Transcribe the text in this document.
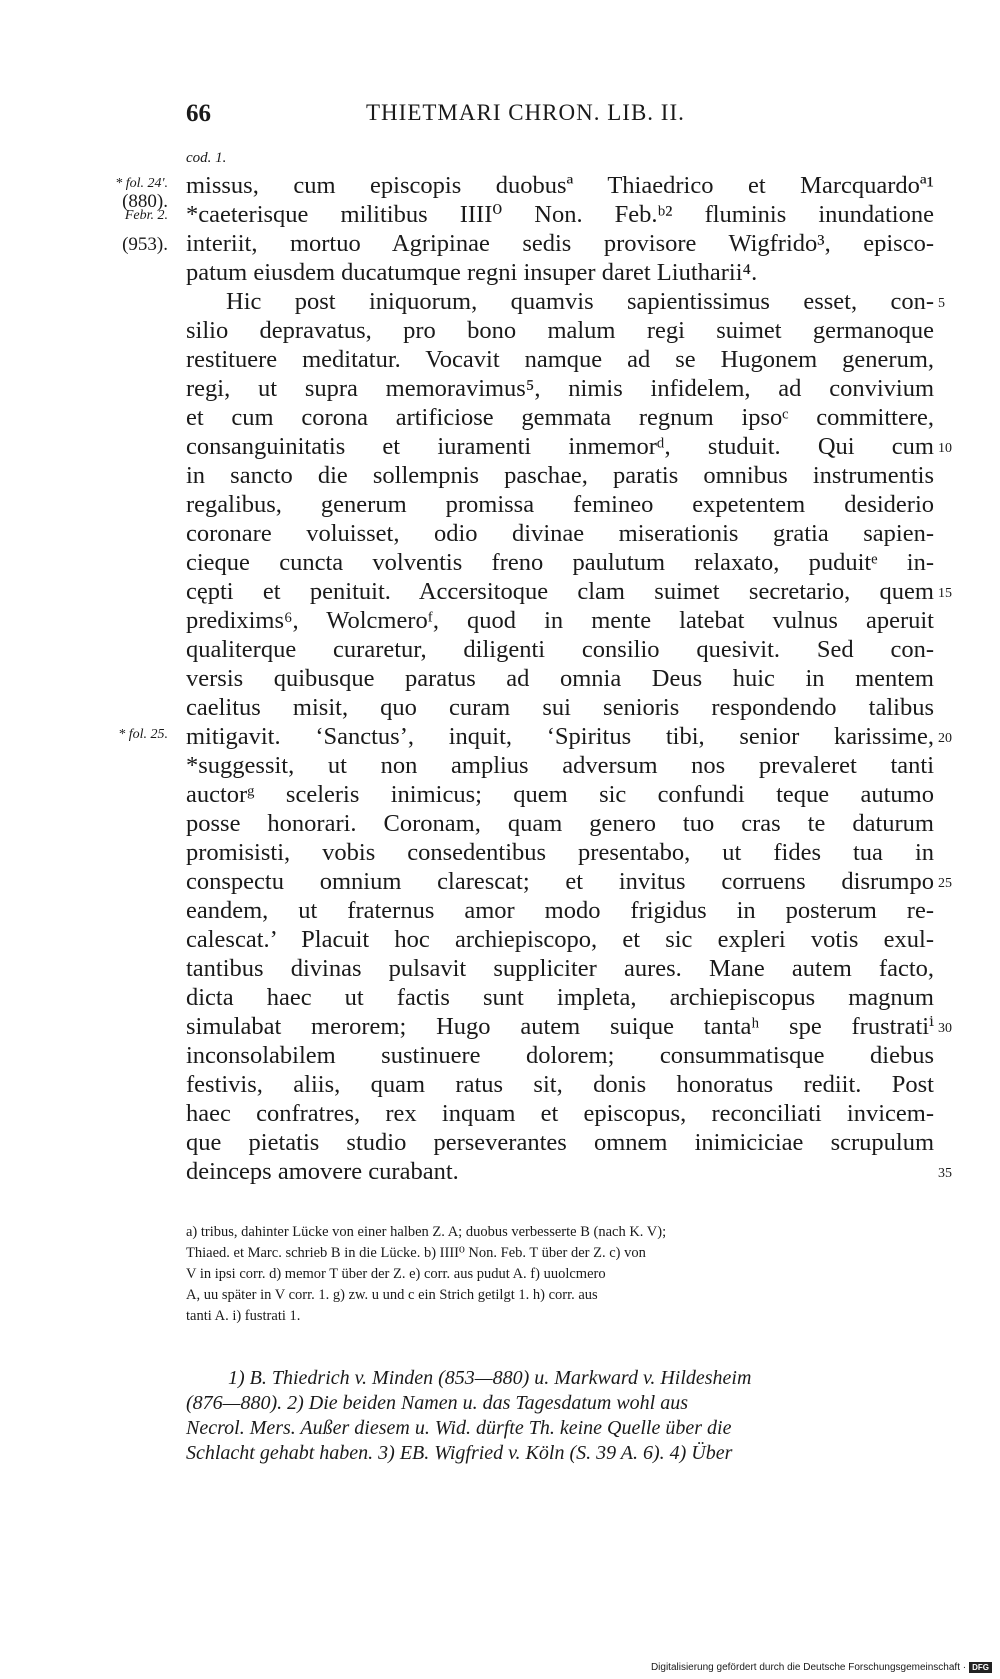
66	THIETMARI CHRON. LIB. II.
cod. 1.
* fol. 24'.
(880).
Febr. 2.
(953).
* fol. 25.
missus, cum episcopis duobusª Thiaedrico et Marcquardoª¹
*caeterisque militibus IIII⁰ Non. Feb.ᵇ² fluminis inundatione
interiit, mortuo Agripinae sedis provisore Wigfrido³, episco-
patum eiusdem ducatumque regni insuper daret Liutharii⁴.
Hic post iniquorum, quamvis sapientissimus esset, con-
silio depravatus, pro bono malum regi suimet germanoque
restituere meditatur. Vocavit namque ad se Hugonem generum,
regi, ut supra memoravimus⁵, nimis infidelem, ad convivium
et cum corona artificiose gemmata regnum ipsoᶜ committere,
consanguinitatis et iuramenti inmemorᵈ, studuit. Qui cum
in sancto die sollempnis paschae, paratis omnibus instrumentis
regalibus, generum promissa femineo expetentem desiderio
coronare voluisset, odio divinae miserationis gratia sapien-
cieque cuncta volventis freno paulutum relaxato, puduitᵉ in-
cępti et penituit. Accersitoque clam suimet secretario, quem
predixims⁶, Wolcmeroᶠ, quod in mente latebat vulnus aperuit
qualiterque curaretur, diligenti consilio quesivit. Sed con-
versis quibusque paratus ad omnia Deus huic in mentem
caelitus misit, quo curam sui senioris respondendo talibus
mitigavit. ‘Sanctus’, inquit, ‘Spiritus tibi, senior karissime,
*suggessit, ut non amplius adversum nos prevaleret tanti
auctorᵍ sceleris inimicus; quem sic confundi teque autumo
posse honorari. Coronam, quam genero tuo cras te daturum
promisisti, vobis consedentibus presentabo, ut fides tua in
conspectu omnium clarescat; et invitus corruens disrumpo
eandem, ut fraternus amor modo frigidus in posterum re-
calescat.’ Placuit hoc archiepiscopo, et sic expleri votis exul-
tantibus divinas pulsavit suppliciter aures. Mane autem facto,
dicta haec ut factis sunt impleta, archiepiscopus magnum
simulabat merorem; Hugo autem suique tantaʰ spe frustratiⁱ
inconsolabilem sustinuere dolorem; consummatisque diebus
festivis, aliis, quam ratus sit, donis honoratus rediit. Post
haec confratres, rex inquam et episcopus, reconciliati invicem-
que pietatis studio perseverantes omnem inimiciciae scrupulum
deinceps amovere curabant.
5
10
15
20
25
30
35
a) tribus, dahinter Lücke von einer halben Z. A; duobus verbesserte B (nach K. V);
Thiaed. et Marc. schrieb B in die Lücke. b) IIII⁰ Non. Feb. T über der Z. c) von
V in ipsi corr. d) memor T über der Z. e) corr. aus pudut A. f) uuolcmero
A, uu später in V corr. 1. g) zw. u und c ein Strich getilgt 1. h) corr. aus
tanti A. i) fustrati 1.
1) B. Thiedrich v. Minden (853—880) u. Markward v. Hildesheim
(876—880). 2) Die beiden Namen u. das Tagesdatum wohl aus
Necrol. Mers. Außer diesem u. Wid. dürfte Th. keine Quelle über die
Schlacht gehabt haben. 3) EB. Wigfried v. Köln (S. 39 A. 6). 4) Über
Digitalisierung gefördert durch die Deutsche Forschungsgemeinschaft · DFG
